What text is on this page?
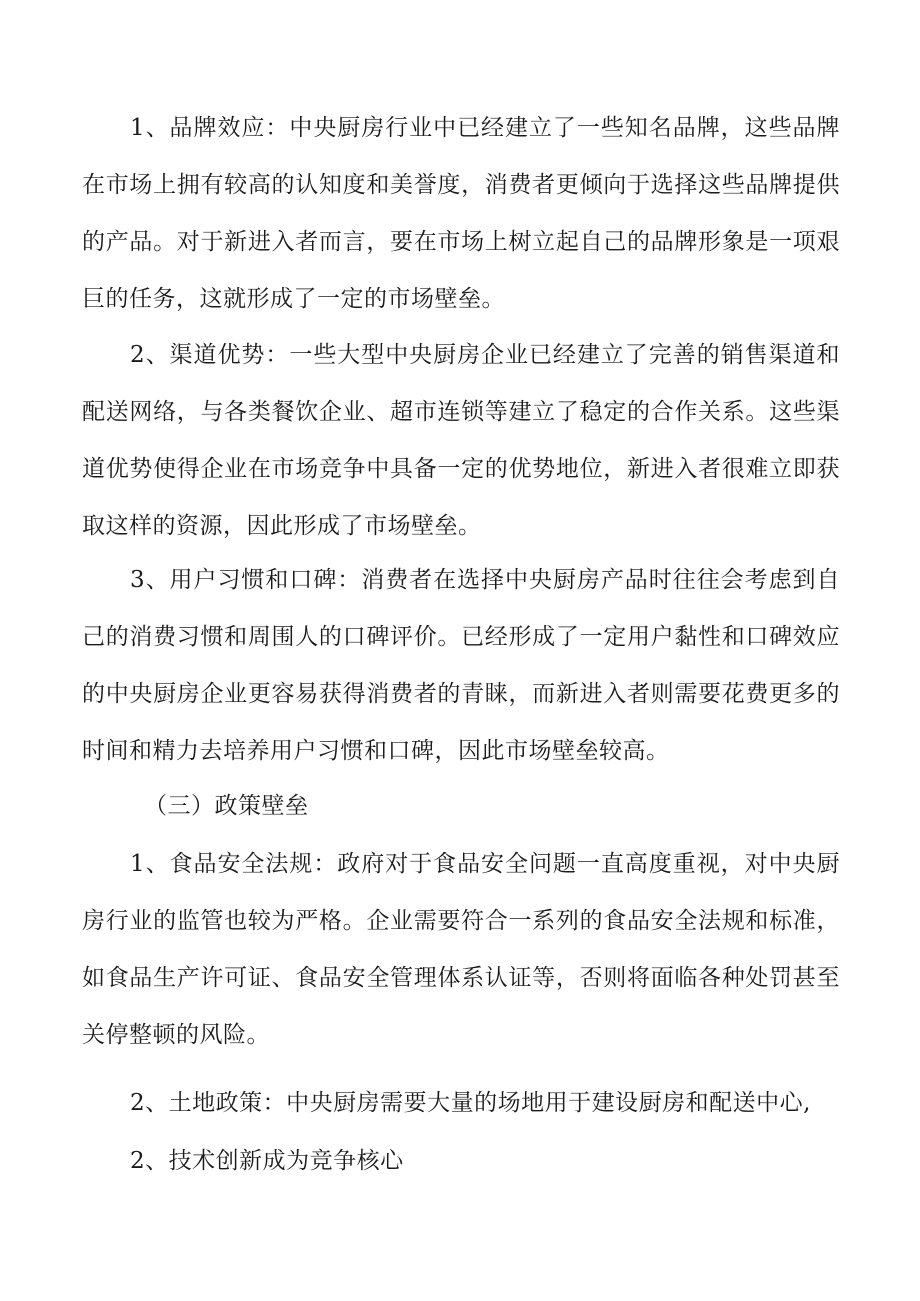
1、品牌效应：中央厨房行业中已经建立了一些知名品牌，这些品牌在市场上拥有较高的认知度和美誉度，消费者更倾向于选择这些品牌提供的产品。对于新进入者而言，要在市场上树立起自己的品牌形象是一项艰巨的任务，这就形成了一定的市场壁垒。

2、渠道优势：一些大型中央厨房企业已经建立了完善的销售渠道和配送网络，与各类餐饮企业、超市连锁等建立了稳定的合作关系。这些渠道优势使得企业在市场竞争中具备一定的优势地位，新进入者很难立即获取这样的资源，因此形成了市场壁垒。

3、用户习惯和口碑：消费者在选择中央厨房产品时往往会考虑到自己的消费习惯和周围人的口碑评价。已经形成了一定用户黏性和口碑效应的中央厨房企业更容易获得消费者的青睐，而新进入者则需要花费更多的时间和精力去培养用户习惯和口碑，因此市场壁垒较高。

（三）政策壁垒

1、食品安全法规：政府对于食品安全问题一直高度重视，对中央厨房行业的监管也较为严格。企业需要符合一系列的食品安全法规和标准，如食品生产许可证、食品安全管理体系认证等，否则将面临各种处罚甚至关停整顿的风险。

2、土地政策：中央厨房需要大量的场地用于建设厨房和配送中心,

2、技术创新成为竞争核心
